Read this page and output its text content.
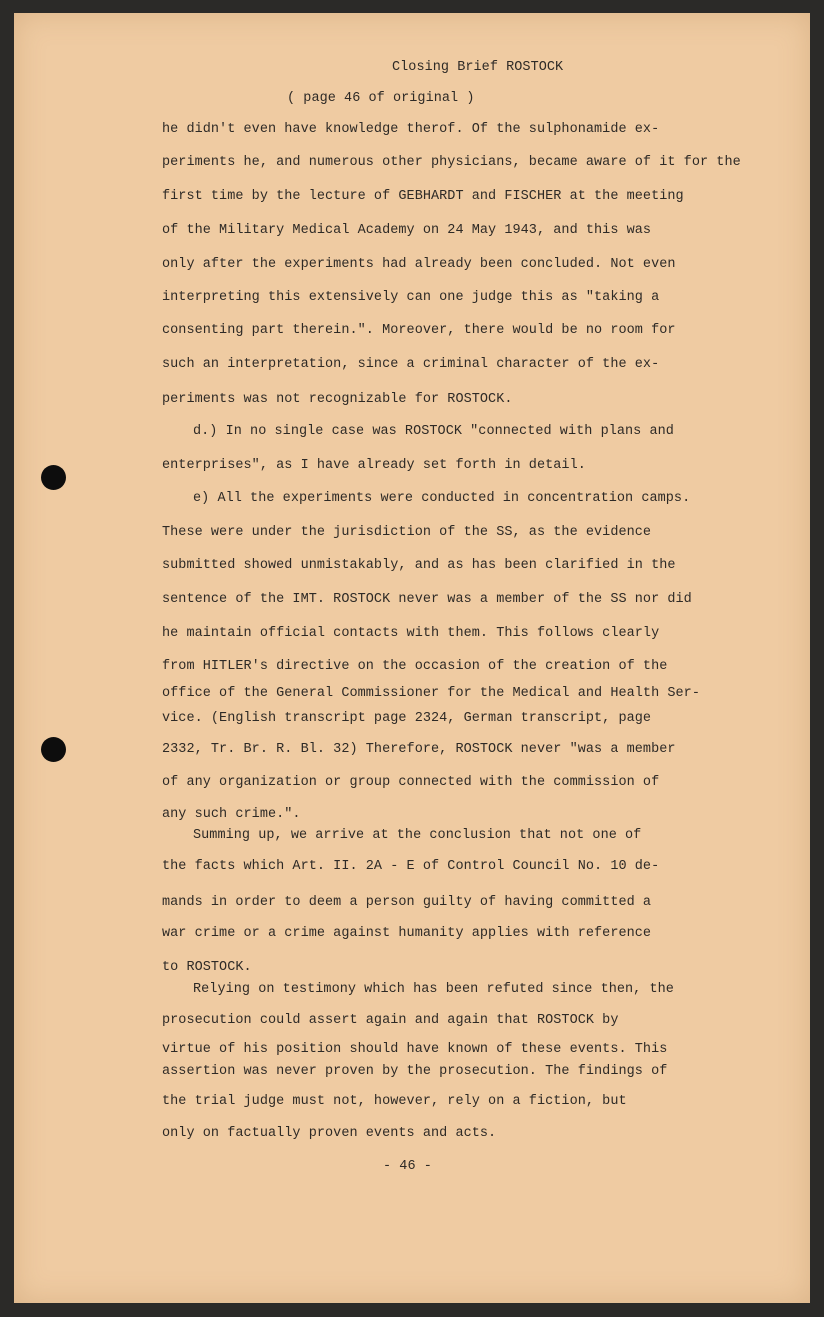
Closing Brief ROSTOCK
( page 46 of original )
he didn't even have knowledge therof. Of the sulphonamide ex-
periments he, and numerous other physicians, became aware of it for the
first time by the lecture of GEBHARDT and FISCHER at the meeting
of the Military Medical Academy on 24 May 1943, and this was
only after the experiments had already been concluded. Not even
interpreting this extensively can one judge this as "taking a
consenting part therein.". Moreover, there would be no room for
such an interpretation, since a criminal character of the ex-
periments was not recognizable for ROSTOCK.
d.) In no single case was ROSTOCK "connected with plans and
enterprises", as I have already set forth in detail.
e) All the experiments were conducted in concentration camps.
These were under the jurisdiction of the SS, as the evidence
submitted showed unmistakably, and as has been clarified in the
sentence of the IMT. ROSTOCK never was a member of the SS nor did
he maintain official contacts with them. This follows clearly
from HITLER's directive on the occasion of the creation of the
office of the General Commissioner for the Medical and Health Ser-
vice. (English transcript page 2324, German transcript, page
2332, Tr. Br. R. Bl. 32) Therefore, ROSTOCK never "was a member
of any organization or group connected with the commission of
any such crime.".
Summing up, we arrive at the conclusion that not one of
the facts which Art. II. 2A - E of Control Council No. 10 de-
mands in order to deem a person guilty of having committed a
war crime or a crime against humanity applies with reference
to ROSTOCK.
Relying on testimony which has been refuted since then, the
prosecution could assert again and again that ROSTOCK by
virtue of his position should have known of these events. This
assertion was never proven by the prosecution. The findings of
the trial judge must not, however, rely on a fiction, but
only on factually proven events and acts.
- 46 -
